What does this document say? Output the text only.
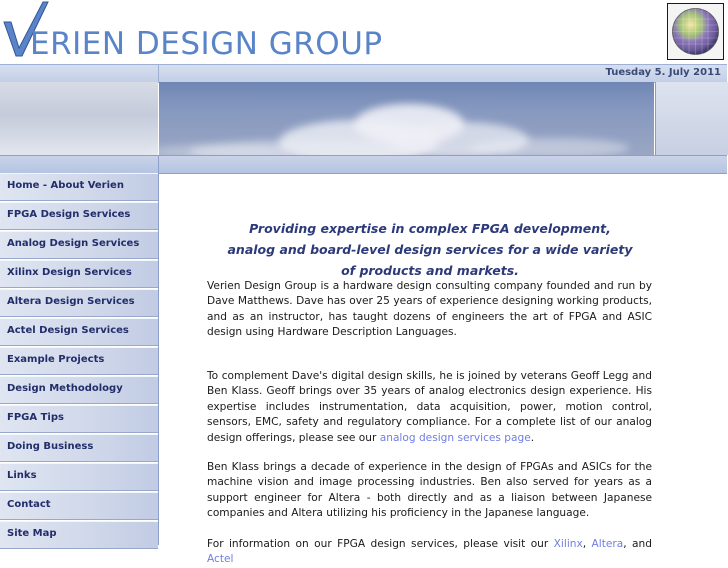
ERIEN DESIGN GROUP
Tuesday 5. July 2011
Home - About Verien
FPGA Design Services
Analog Design Services
Xilinx Design Services
Altera Design Services
Actel Design Services
Example Projects
Design Methodology
FPGA Tips
Doing Business
Links
Contact
Site Map
Providing expertise in complex FPGA development,
analog and board-level design services for a wide variety
of products and markets.

Verien Design Group is a hardware design consulting company founded and run by Dave Matthews. Dave has over 25 years of experience designing working products, and as an instructor, has taught dozens of engineers the art of FPGA and ASIC design using Hardware Description Languages.

To complement Dave's digital design skills, he is joined by veterans Geoff Legg and Ben Klass. Geoff brings over 35 years of analog electronics design experience. His expertise includes instrumentation, data acquisition, power, motion control, sensors, EMC, safety and regulatory compliance. For a complete list of our analog design offerings, please see our analog design services page.

Ben Klass brings a decade of experience in the design of FPGAs and ASICs for the machine vision and image processing industries. Ben also served for years as a support engineer for Altera - both directly and as a liaison between Japanese companies and Altera utilizing his proficiency in the Japanese language.

For information on our FPGA design services, please visit our Xilinx, Altera, and Actel
